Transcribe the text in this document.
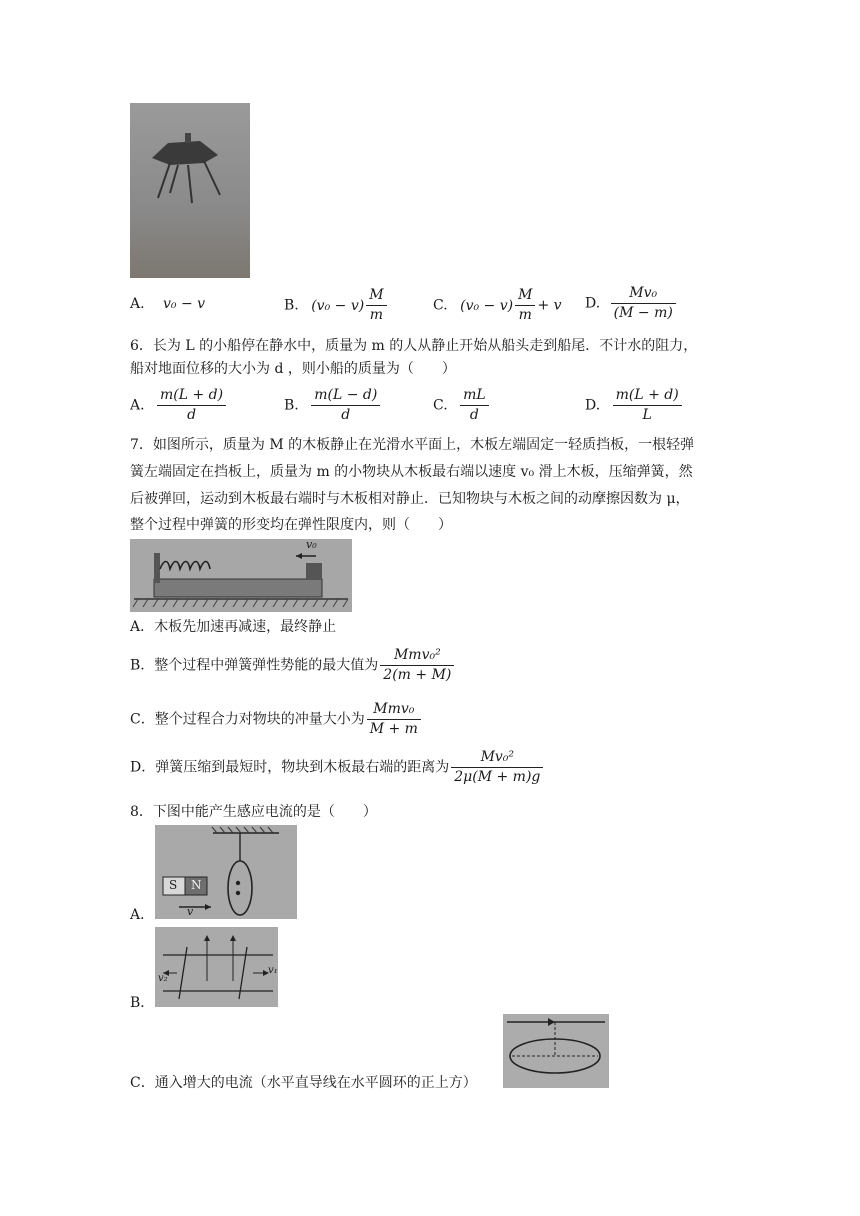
A. v₀ − v	B. $(v_0 - v) \frac{M}{m}$	C. $(v_0 - v) \frac{M}{m} + v$ D. $\frac{\text{Mv₀}}{(M - m)}$
6．长为 L 的小船停在静水中，质量为 m 的人从静止开始从船头走到船尾．不计水的阻力，
船对地面位移的大小为 d ，则小船的质量为（　　）
A. $\frac{m(L + d)}{d}$	B. $\frac{m(L - d)}{d}$	C. $\frac{mL}{d}$	D. $\frac{m(L + d)}{L}$
7．如图所示，质量为 M 的木板静止在光滑水平面上，木板左端固定一轻质挡板，一根轻弹
簧左端固定在挡板上，质量为 m 的小物块从木板最右端以速度 v₀ 滑上木板，压缩弹簧，然
后被弹回，运动到木板最右端时与木板相对静止．已知物块与木板之间的动摩擦因数为 μ，
整个过程中弹簧的形变均在弹性限度内，则（　　）
v₀
A．木板先加速再减速，最终静止
B．整个过程中弹簧弹性势能的最大值为 $\frac{\text{Mmv₀²}}{2(m + M)}$
C．整个过程合力对物块的冲量大小为 $\frac{\text{Mmv₀}}{M + m}$
D．弹簧压缩到最短时，物块到木板最右端的距离为 $\frac{\text{Mv₀²}}{2\mu(M + m)g}$
8．下图中能产生感应电流的是（　　）
A．
S N
v
B．
v₂
v₁
C．通入增大的电流（水平直导线在水平圆环的正上方）
